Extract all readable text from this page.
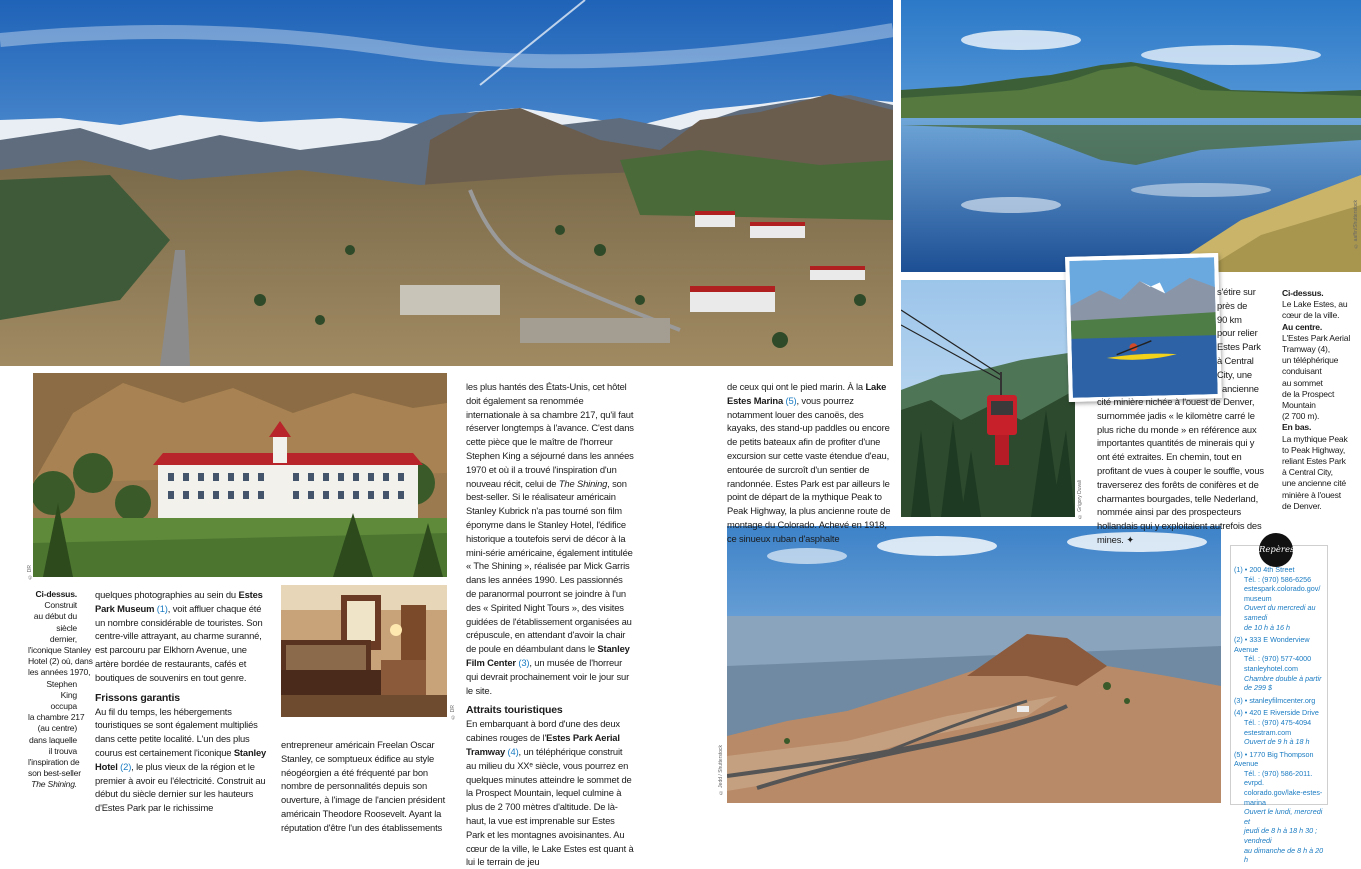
© aaffin/Shutterstock
© Grigory Duvali
© DR
© DR
© Jedd / Shutterstock
Ci-dessus.
Construit
au début du
siècle dernier,
l'iconique Stanley
Hotel (2) où, dans
les années 1970,
Stephen King
occupa
la chambre 217
(au centre)
dans laquelle
il trouva
l'inspiration de
son best-seller
The Shining.

quelques photographies au sein du Estes Park Museum (1), voit affluer chaque été un nombre considérable de touristes. Son centre-ville attrayant, au charme suranné, est parcouru par Elkhorn Avenue, une artère bordée de restaurants, cafés et boutiques de souvenirs en tout genre.

Frissons garantis

Au fil du temps, les hébergements touristiques se sont également multipliés dans cette petite localité. L'un des plus courus est certainement l'iconique Stanley Hotel (2), le plus vieux de la région et le premier à avoir eu l'électricité. Construit au début du siècle dernier sur les hauteurs d'Estes Park par le richissime

entrepreneur américain Freelan Oscar Stanley, ce somptueux édifice au style néogéorgien a été fréquenté par bon nombre de personnalités depuis son ouverture, à l'image de l'ancien président américain Theodore Roosevelt. Ayant la réputation d'être l'un des établissements

les plus hantés des États-Unis, cet hôtel doit également sa renommée internationale à sa chambre 217, qu'il faut réserver longtemps à l'avance. C'est dans cette pièce que le maître de l'horreur Stephen King a séjourné dans les années 1970 et où il a trouvé l'inspiration d'un nouveau récit, celui de The Shining, son best-seller. Si le réalisateur américain Stanley Kubrick n'a pas tourné son film éponyme dans le Stanley Hotel, l'édifice historique a toutefois servi de décor à la mini-série américaine, également intitulée « The Shining », réalisée par Mick Garris dans les années 1990. Les passionnés de paranormal pourront se joindre à l'un des « Spirited Night Tours », des visites guidées de l'établissement organisées au crépuscule, en attendant d'avoir la chair de poule en déambulant dans le Stanley Film Center (3), un musée de l'horreur qui devrait prochainement voir le jour sur le site.

Attraits touristiques

En embarquant à bord d'une des deux cabines rouges de l'Estes Park Aerial Tramway (4), un téléphérique construit au milieu du XXᵉ siècle, vous pourrez en quelques minutes atteindre le sommet de la Prospect Mountain, lequel culmine à plus de 2 700 mètres d'altitude. De là-haut, la vue est imprenable sur Estes Park et les montagnes avoisinantes. Au cœur de la ville, le Lake Estes est quant à lui le terrain de jeu

de ceux qui ont le pied marin. À la Lake Estes Marina (5), vous pourrez notamment louer des canoës, des kayaks, des stand-up paddles ou encore de petits bateaux afin de profiter d'une excursion sur cette vaste étendue d'eau, entourée de surcroît d'un sentier de randonnée. Estes Park est par ailleurs le point de départ de la mythique Peak to Peak Highway, la plus ancienne route de montage du Colorado. Achevé en 1918, ce sinueux ruban d'asphalte

s'étire sur
près de
90 km
pour relier
Estes Park
à Central
City, une
ancienne

cité minière nichée à l'ouest de Denver, surnommée jadis « le kilomètre carré le plus riche du monde » en référence aux importantes quantités de minerais qui y ont été extraites. En chemin, tout en profitant de vues à couper le souffle, vous traverserez des forêts de conifères et de charmantes bourgades, telle Nederland, nommée ainsi par des prospecteurs hollandais qui y exploitaient autrefois des mines. ✦

Ci-dessus.
Le Lake Estes, au
cœur de la ville.
Au centre.
L'Estes Park Aerial
Tramway (4),
un téléphérique
conduisant
au sommet
de la Prospect
Mountain
(2 700 m).
En bas.
La mythique Peak
to Peak Highway,
reliant Estes Park
à Central City,
une ancienne cité
minière à l'ouest
de Denver.
Repères
(1) • 200 4th Street
Tél. : (970) 586-6256
estespark.colorado.gov/
museum
Ouvert du mercredi au samedi
de 10 h à 16 h
(2) • 333 E Wonderview Avenue
Tél. : (970) 577-4000
stanleyhotel.com
Chambre double à partir
de 299 $
(3) • stanleyfilmcenter.org
(4) • 420 E Riverside Drive
Tél. : (970) 475-4094
estestram.com
Ouvert de 9 h à 18 h
(5) • 1770 Big Thompson Avenue
Tél. : (970) 586-2011. evrpd.
colorado.gov/lake-estes-marina
Ouvert le lundi, mercredi et
jeudi de 8 h à 18 h 30 ; vendredi
au dimanche de 8 h à 20 h
